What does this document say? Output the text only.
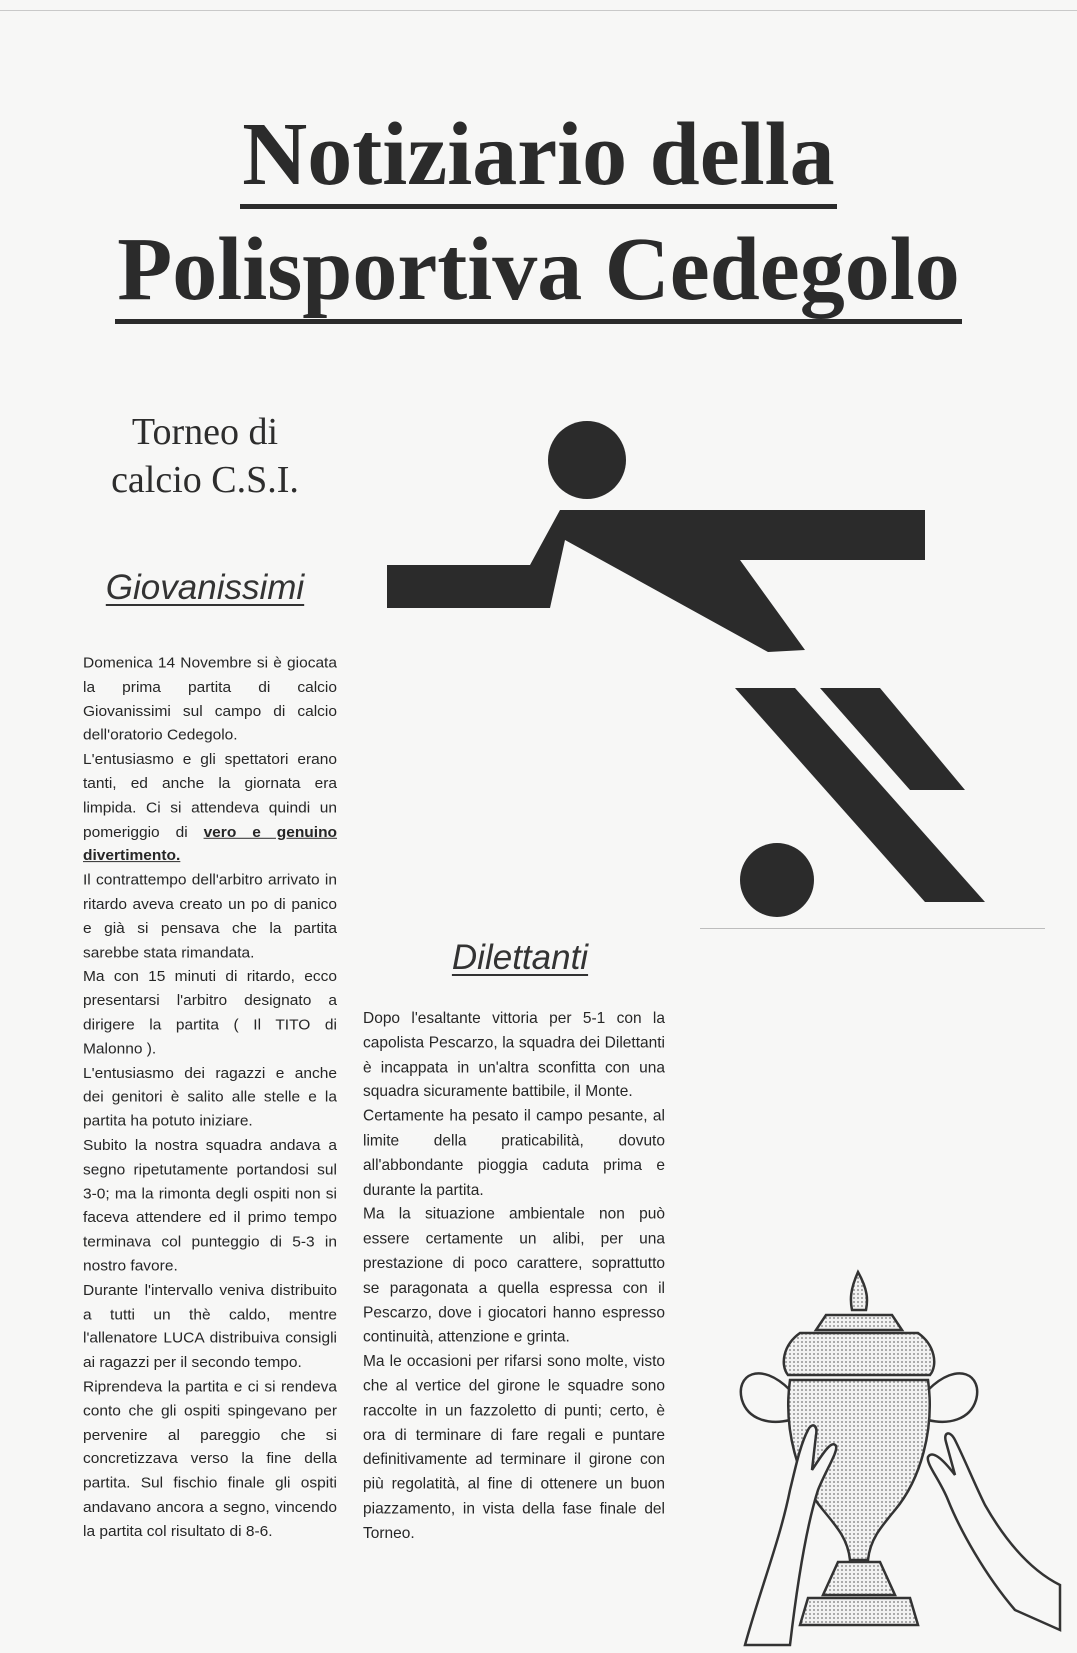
Notiziario della
Polisportiva Cedegolo
Torneo di
calcio C.S.I.
Giovanissimi

Domenica 14 Novembre si è giocata la prima partita di calcio Giovanissimi sul campo di calcio dell'oratorio Cedegolo.

L'entusiasmo e gli spettatori erano tanti, ed anche la giornata era limpida. Ci si attendeva quindi un pomeriggio di vero e genuino divertimento.

Il contrattempo dell'arbitro arrivato in ritardo aveva creato un po di panico e già si pensava che la partita sarebbe stata rimandata.

Ma con 15 minuti di ritardo, ecco presentarsi l'arbitro designato a dirigere la partita ( Il TITO di Malonno ).

L'entusiasmo dei ragazzi e anche dei genitori è salito alle stelle e la partita ha potuto iniziare.

Subito la nostra squadra andava a segno ripetutamente portandosi sul 3-0; ma la rimonta degli ospiti non si faceva attendere ed il primo tempo terminava col punteggio di 5-3 in nostro favore.

Durante l'intervallo veniva distribuito a tutti un thè caldo, mentre l'allenatore LUCA distribuiva consigli ai ragazzi per il secondo tempo.

Riprendeva la partita e ci si rendeva conto che gli ospiti spingevano per pervenire al pareggio che si concretizzava verso la fine della partita. Sul fischio finale gli ospiti andavano ancora a segno, vincendo la partita col risultato di 8-6.

Dilettanti

Dopo l'esaltante vittoria per 5-1 con la capolista Pescarzo, la squadra dei Dilettanti è incappata in un'altra sconfitta con una squadra sicuramente battibile, il Monte.

Certamente ha pesato il campo pesante, al limite della praticabilità, dovuto all'abbondante pioggia caduta prima e durante la partita.

Ma la situazione ambientale non può essere certamente un alibi, per una prestazione di poco carattere, soprattutto se paragonata a quella espressa con il Pescarzo, dove i giocatori hanno espresso continuità, attenzione e grinta.

Ma le occasioni per rifarsi sono molte, visto che al vertice del girone le squadre sono raccolte in un fazzoletto di punti; certo, è ora di terminare di fare regali e puntare definitivamente ad terminare il girone con più regolatità, al fine di ottenere un buon piazzamento, in vista della fase finale del Torneo.
